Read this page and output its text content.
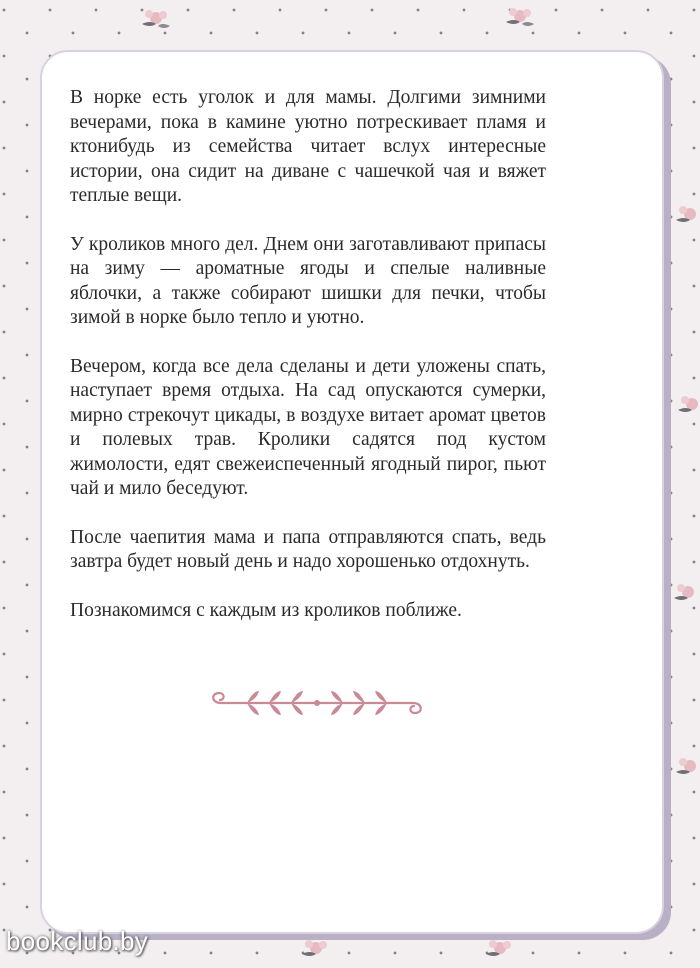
В норке есть уголок и для мамы. Долгими зимними вечерами, пока в камине уютно потрескивает пламя и ктонибудь из семейства читает вслух интересные истории, она сидит на диване с чашечкой чая и вяжет теплые вещи.

У кроликов много дел. Днем они заготавливают припасы на зиму — ароматные ягоды и спелые наливные яблочки, а также собирают шишки для печки, чтобы зимой в норке было тепло и уютно.

Вечером, когда все дела сделаны и дети уложены спать, наступает время отдыха. На сад опускаются сумерки, мирно стрекочут цикады, в воздухе витает аромат цветов и полевых трав. Кролики садятся под кустом жимолости, едят свежеиспеченный ягодный пирог, пьют чай и мило беседуют.

После чаепития мама и папа отправляются спать, ведь завтра будет новый день и надо хорошенько отдохнуть.

Познакомимся с каждым из кроликов поближе.

bookclub.by
